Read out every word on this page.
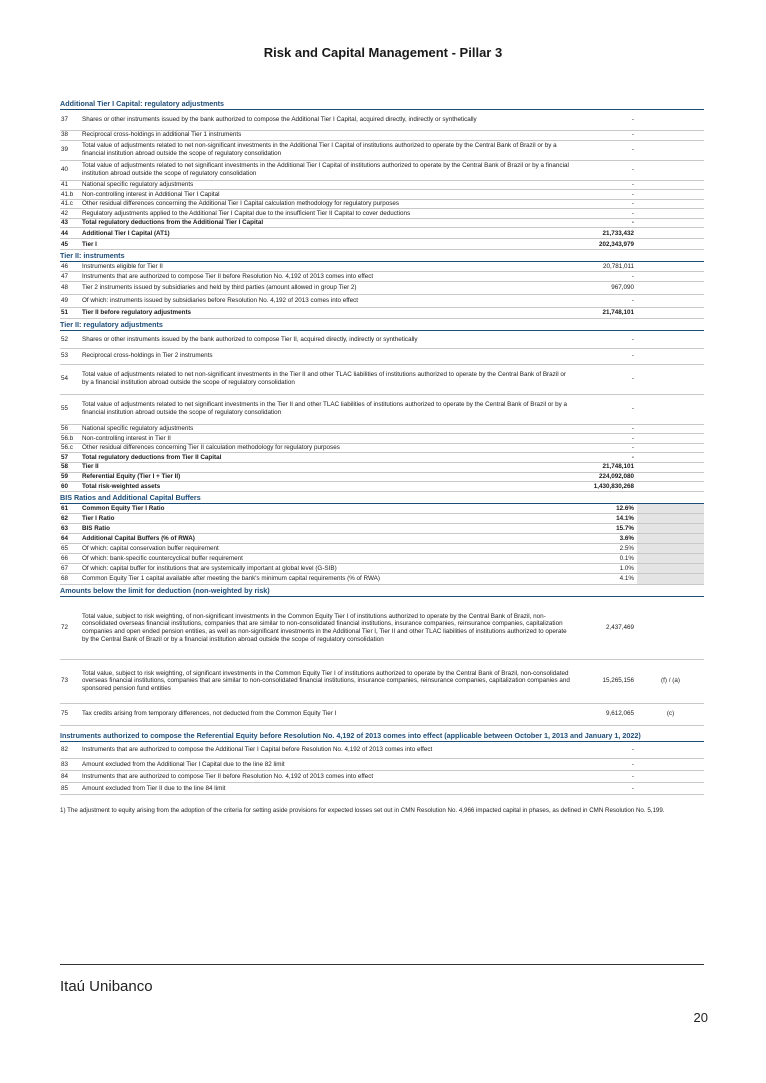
Risk and Capital Management - Pillar 3
Additional Tier I Capital: regulatory adjustments
37	Shares or other instruments issued by the bank authorized to compose the Additional Tier I Capital, acquired directly, indirectly or synthetically	-	
38	Reciprocal cross-holdings in additional Tier 1 instruments	-	
39	Total value of adjustments related to net non-significant investments in the Additional Tier I Capital of institutions authorized to operate by the Central Bank of Brazil or by a financial institution abroad outside the scope of regulatory consolidation	-	
40	Total value of adjustments related to net significant investments in the Additional Tier I Capital of institutions authorized to operate by the Central Bank of Brazil or by a financial institution abroad outside the scope of regulatory consolidation	-	
41	National specific regulatory adjustments	-	
41.b	Non-controlling interest in Additional Tier I Capital	-	
41.c	Other residual differences concerning the Additional Tier I Capital calculation methodology for regulatory purposes	-	
42	Regulatory adjustments applied to the Additional Tier I Capital due to the insufficient Tier II Capital to cover deductions	-	
43	Total regulatory deductions from the Additional Tier I Capital	-	
44	Additional Tier I Capital (AT1)	21,733,432	
45	Tier I	202,343,979	
Tier II: instruments
46	Instruments eligible for Tier II	20,781,011	
47	Instruments that are authorized to compose Tier II before Resolution No. 4,192 of 2013 comes into effect	-	
48	Tier 2 instruments issued by subsidiaries and held by third parties (amount allowed in group Tier 2)	967,090	
49	Of which: instruments issued by subsidiaries before Resolution No. 4,192 of 2013 comes into effect	-	
51	Tier II before regulatory adjustments	21,748,101	
Tier II: regulatory adjustments
52	Shares or other instruments issued by the bank authorized to compose Tier II, acquired directly, indirectly or synthetically	-	
53	Reciprocal cross-holdings in Tier 2 instruments	-	
54	Total value of adjustments related to net non-significant investments in the Tier II and other TLAC liabilities of institutions authorized to operate by the Central Bank of Brazil or by a financial institution abroad outside the scope of regulatory consolidation	-	
55	Total value of adjustments related to net significant investments in the Tier II and other TLAC liabilities of institutions authorized to operate by the Central Bank of Brazil or by a financial institution abroad outside the scope of regulatory consolidation	-	
56	National specific regulatory adjustments	-	
56.b	Non-controlling interest in Tier II	-	
56.c	Other residual differences concerning Tier II calculation methodology for regulatory purposes	-	
57	Total regulatory deductions from Tier II Capital	-	
58	Tier II	21,748,101	
59	Referential Equity (Tier I + Tier II)	224,092,080	
60	Total risk-weighted assets	1,430,830,268	
BIS Ratios and Additional Capital Buffers
61	Common Equity Tier I Ratio	12.6%	
62	Tier I Ratio	14.1%	
63	BIS Ratio	15.7%	
64	Additional Capital Buffers (% of RWA)	3.6%	
65	Of which: capital conservation buffer requirement	2.5%	
66	Of which: bank-specific countercyclical buffer requirement	0.1%	
67	Of which: capital buffer for institutions that are systemically important at global level (G-SIB)	1.0%	
68	Common Equity Tier 1 capital available after meeting the bank's minimum capital requirements (% of RWA)	4.1%	
Amounts below the limit for deduction (non-weighted by risk)
72	Total value, subject to risk weighting, of non-significant investments in the Common Equity Tier I of institutions authorized to operate by the Central Bank of Brazil, non-consolidated overseas financial institutions, companies that are similar to non-consolidated financial institutions, insurance companies, reinsurance companies, capitalization companies and open ended pension entities, as well as non-significant investments in the Additional Tier I, Tier II and other TLAC liabilities of institutions authorized to operate by the Central Bank of Brazil or by a financial institution abroad outside the scope of regulatory consolidation	2,437,469	
73	Total value, subject to risk weighting, of significant investments in the Common Equity Tier I of institutions authorized to operate by the Central Bank of Brazil, non-consolidated overseas financial institutions, companies that are similar to non-consolidated financial institutions, insurance companies, reinsurance companies, capitalization companies and sponsored pension fund entities	15,265,156	(f) / (a)
75	Tax credits arising from temporary differences, not deducted from the Common Equity Tier I	9,612,065	(c)
Instruments authorized to compose the Referential Equity before Resolution No. 4,192 of 2013 comes into effect (applicable between October 1, 2013 and January 1, 2022)
82	Instruments that are authorized to compose the Additional Tier I Capital before Resolution No. 4,192 of 2013 comes into effect	-	
83	Amount excluded from the Additional Tier I Capital due to the line 82 limit	-	
84	Instruments that are authorized to compose Tier II before Resolution No. 4,192 of 2013 comes into effect	-	
85	Amount excluded from Tier II due to the line 84 limit	-	
1) The adjustment to equity arising from the adoption of the criteria for setting aside provisions for expected losses set out in CMN Resolution No. 4,966 impacted capital in phases, as defined in CMN Resolution No. 5,199.
Itaú Unibanco
20
